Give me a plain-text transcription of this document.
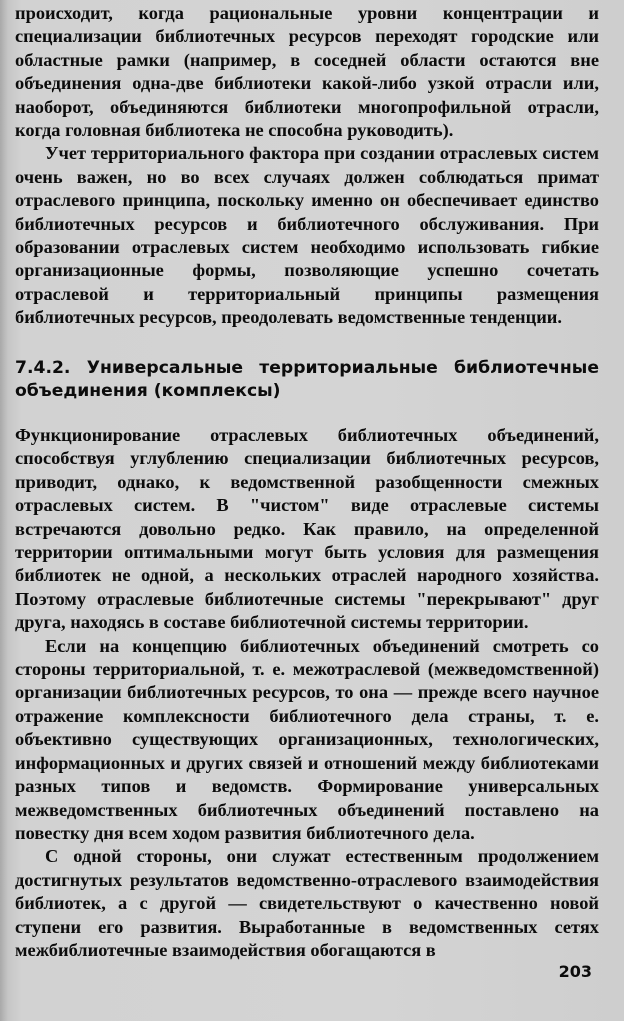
происходит, когда рациональные уровни концентрации и специализации библиотечных ресурсов переходят городские или областные рамки (например, в соседней области остаются вне объединения одна-две библиотеки какой-либо узкой отрасли или, наоборот, объединяются библиотеки многопрофильной отрасли, когда головная библиотека не способна руководить).

Учет территориального фактора при создании отраслевых систем очень важен, но во всех случаях должен соблюдаться примат отраслевого принципа, поскольку именно он обеспечивает единство библиотечных ресурсов и библиотечного обслуживания. При образовании отраслевых систем необходимо использовать гибкие организационные формы, позволяющие успешно сочетать отраслевой и территориальный принципы размещения библиотечных ресурсов, преодолевать ведомственные тенденции.

7.4.2. Универсальные территориальные библиотечные объединения (комплексы)

Функционирование отраслевых библиотечных объединений, способствуя углублению специализации библиотечных ресурсов, приводит, однако, к ведомственной разобщенности смежных отраслевых систем. В "чистом" виде отраслевые системы встречаются довольно редко. Как правило, на определенной территории оптимальными могут быть условия для размещения библиотек не одной, а нескольких отраслей народного хозяйства. Поэтому отраслевые библиотечные системы "перекрывают" друг друга, находясь в составе библиотечной системы территории.

Если на концепцию библиотечных объединений смотреть со стороны территориальной, т. е. межотраслевой (межведомственной) организации библиотечных ресурсов, то она — прежде всего научное отражение комплексности библиотечного дела страны, т. е. объективно существующих организационных, технологических, информационных и других связей и отношений между библиотеками разных типов и ведомств. Формирование универсальных межведомственных библиотечных объединений поставлено на повестку дня всем ходом развития библиотечного дела.

С одной стороны, они служат естественным продолжением достигнутых результатов ведомственно-отраслевого взаимодействия библиотек, а с другой — свидетельствуют о качественно новой ступени его развития. Выработанные в ведомственных сетях межбиблиотечные взаимодействия обогащаются в

203
